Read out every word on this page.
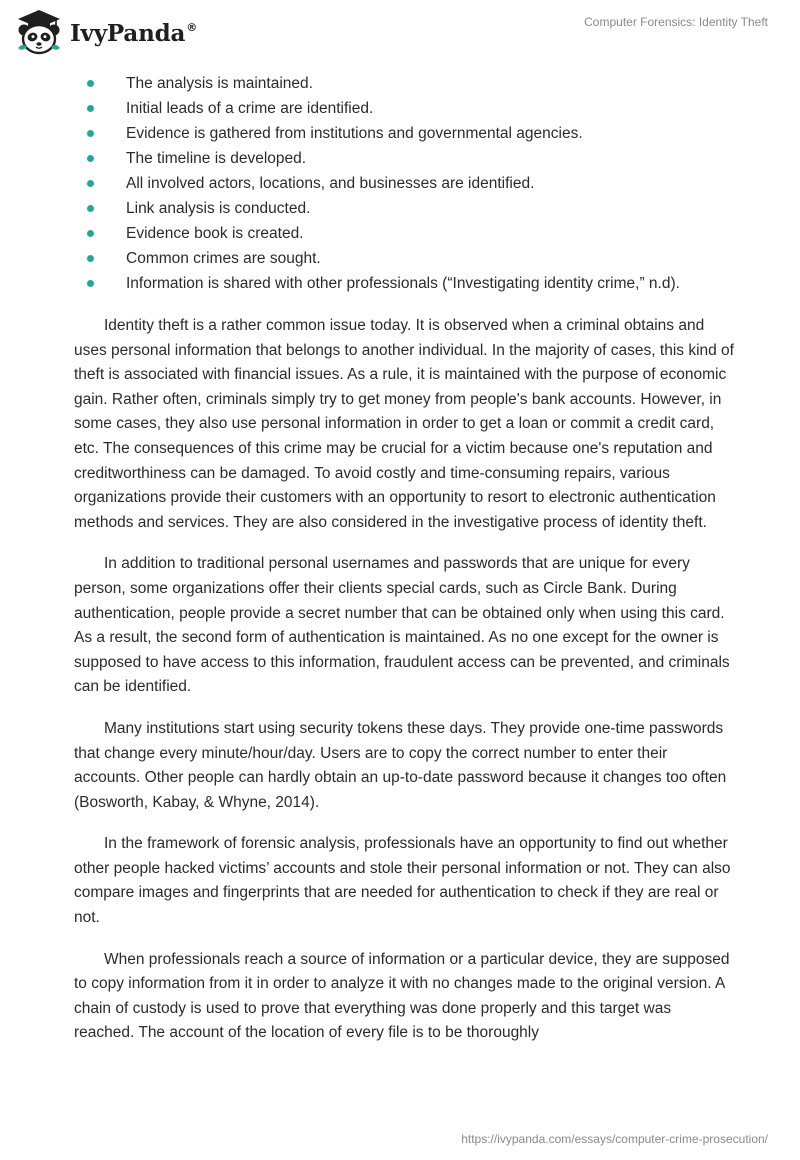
IvyPanda®	Computer Forensics: Identity Theft
The analysis is maintained.
Initial leads of a crime are identified.
Evidence is gathered from institutions and governmental agencies.
The timeline is developed.
All involved actors, locations, and businesses are identified.
Link analysis is conducted.
Evidence book is created.
Common crimes are sought.
Information is shared with other professionals (“Investigating identity crime,” n.d).

Identity theft is a rather common issue today. It is observed when a criminal obtains and uses personal information that belongs to another individual. In the majority of cases, this kind of theft is associated with financial issues. As a rule, it is maintained with the purpose of economic gain. Rather often, criminals simply try to get money from people's bank accounts. However, in some cases, they also use personal information in order to get a loan or commit a credit card, etc. The consequences of this crime may be crucial for a victim because one's reputation and creditworthiness can be damaged. To avoid costly and time-consuming repairs, various organizations provide their customers with an opportunity to resort to electronic authentication methods and services. They are also considered in the investigative process of identity theft.

In addition to traditional personal usernames and passwords that are unique for every person, some organizations offer their clients special cards, such as Circle Bank. During authentication, people provide a secret number that can be obtained only when using this card. As a result, the second form of authentication is maintained. As no one except for the owner is supposed to have access to this information, fraudulent access can be prevented, and criminals can be identified.

Many institutions start using security tokens these days. They provide one-time passwords that change every minute/hour/day. Users are to copy the correct number to enter their accounts. Other people can hardly obtain an up-to-date password because it changes too often (Bosworth, Kabay, & Whyne, 2014).

In the framework of forensic analysis, professionals have an opportunity to find out whether other people hacked victims’ accounts and stole their personal information or not. They can also compare images and fingerprints that are needed for authentication to check if they are real or not.

When professionals reach a source of information or a particular device, they are supposed to copy information from it in order to analyze it with no changes made to the original version. A chain of custody is used to prove that everything was done properly and this target was reached. The account of the location of every file is to be thoroughly

https://ivypanda.com/essays/computer-crime-prosecution/
